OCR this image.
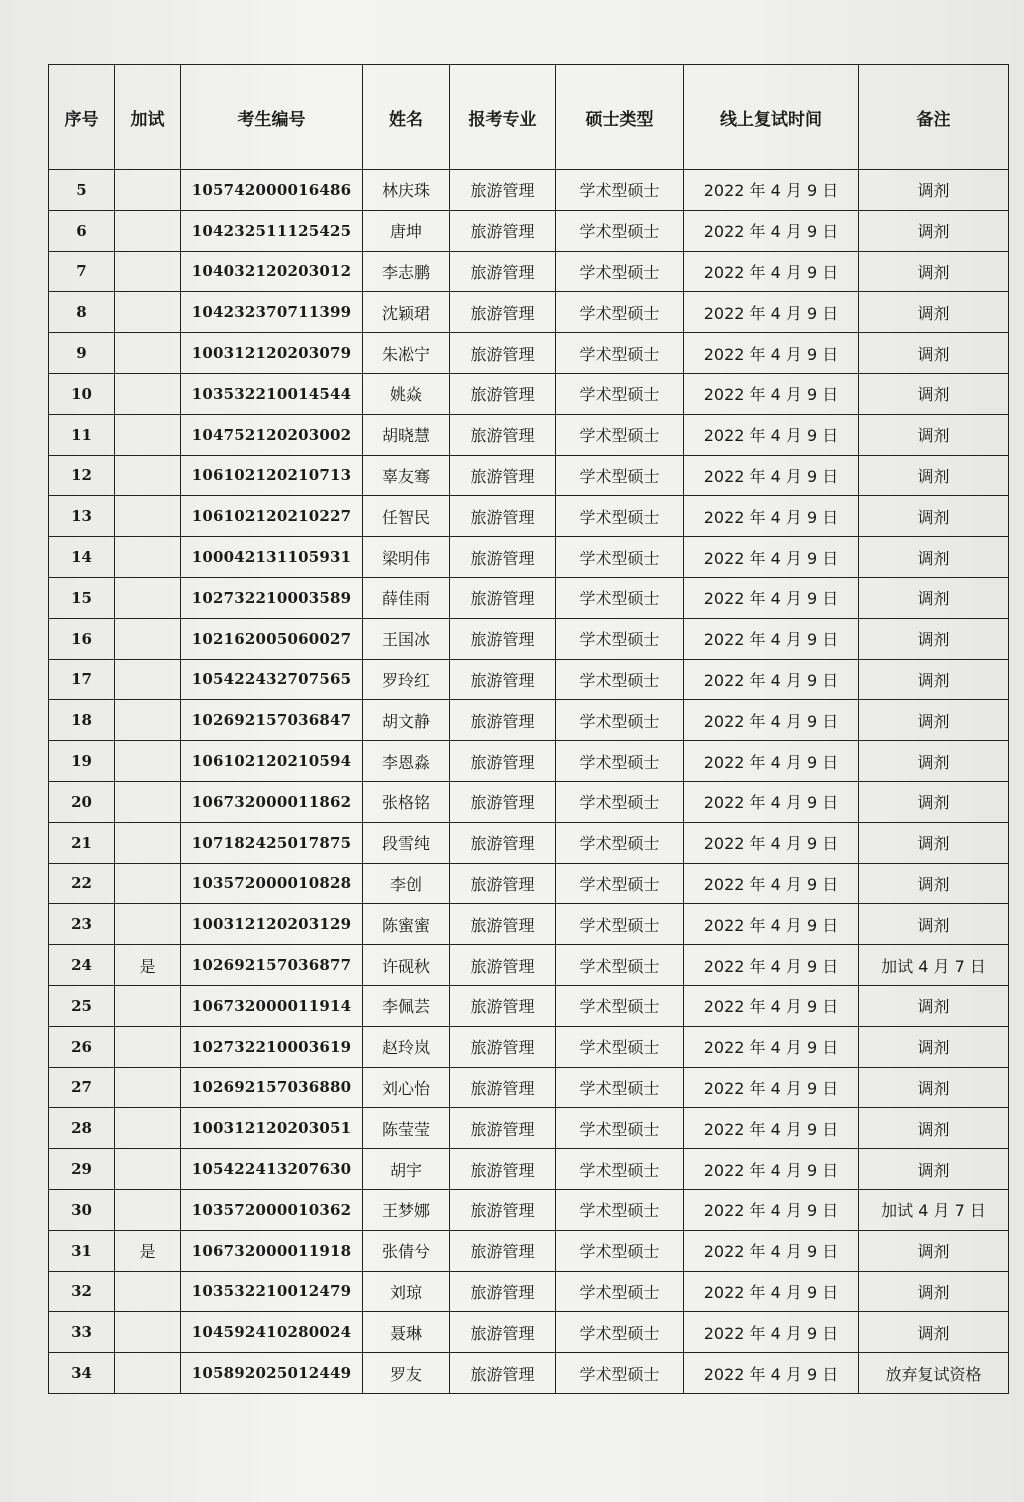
序号	加试	考生编号	姓名	报考专业	硕士类型	线上复试时间	备注
5		105742000016486	林庆珠	旅游管理	学术型硕士	2022 年 4 月 9 日	调剂
6		104232511125425	唐坤	旅游管理	学术型硕士	2022 年 4 月 9 日	调剂
7		104032120203012	李志鹏	旅游管理	学术型硕士	2022 年 4 月 9 日	调剂
8		104232370711399	沈颖珺	旅游管理	学术型硕士	2022 年 4 月 9 日	调剂
9		100312120203079	朱凇宁	旅游管理	学术型硕士	2022 年 4 月 9 日	调剂
10		103532210014544	姚焱	旅游管理	学术型硕士	2022 年 4 月 9 日	调剂
11		104752120203002	胡晓慧	旅游管理	学术型硕士	2022 年 4 月 9 日	调剂
12		106102120210713	辜友骞	旅游管理	学术型硕士	2022 年 4 月 9 日	调剂
13		106102120210227	任智民	旅游管理	学术型硕士	2022 年 4 月 9 日	调剂
14		100042131105931	梁明伟	旅游管理	学术型硕士	2022 年 4 月 9 日	调剂
15		102732210003589	薛佳雨	旅游管理	学术型硕士	2022 年 4 月 9 日	调剂
16		102162005060027	王国冰	旅游管理	学术型硕士	2022 年 4 月 9 日	调剂
17		105422432707565	罗玲红	旅游管理	学术型硕士	2022 年 4 月 9 日	调剂
18		102692157036847	胡文静	旅游管理	学术型硕士	2022 年 4 月 9 日	调剂
19		106102120210594	李恩淼	旅游管理	学术型硕士	2022 年 4 月 9 日	调剂
20		106732000011862	张格铭	旅游管理	学术型硕士	2022 年 4 月 9 日	调剂
21		107182425017875	段雪纯	旅游管理	学术型硕士	2022 年 4 月 9 日	调剂
22		103572000010828	李创	旅游管理	学术型硕士	2022 年 4 月 9 日	调剂
23		100312120203129	陈蜜蜜	旅游管理	学术型硕士	2022 年 4 月 9 日	调剂
24	是	102692157036877	许砚秋	旅游管理	学术型硕士	2022 年 4 月 9 日	加试 4 月 7 日
25		106732000011914	李佩芸	旅游管理	学术型硕士	2022 年 4 月 9 日	调剂
26		102732210003619	赵玲岚	旅游管理	学术型硕士	2022 年 4 月 9 日	调剂
27		102692157036880	刘心怡	旅游管理	学术型硕士	2022 年 4 月 9 日	调剂
28		100312120203051	陈莹莹	旅游管理	学术型硕士	2022 年 4 月 9 日	调剂
29		105422413207630	胡宇	旅游管理	学术型硕士	2022 年 4 月 9 日	调剂
30		103572000010362	王梦娜	旅游管理	学术型硕士	2022 年 4 月 9 日	加试 4 月 7 日
31	是	106732000011918	张倩兮	旅游管理	学术型硕士	2022 年 4 月 9 日	调剂
32		103532210012479	刘琼	旅游管理	学术型硕士	2022 年 4 月 9 日	调剂
33		104592410280024	聂琳	旅游管理	学术型硕士	2022 年 4 月 9 日	调剂
34		105892025012449	罗友	旅游管理	学术型硕士	2022 年 4 月 9 日	放弃复试资格
